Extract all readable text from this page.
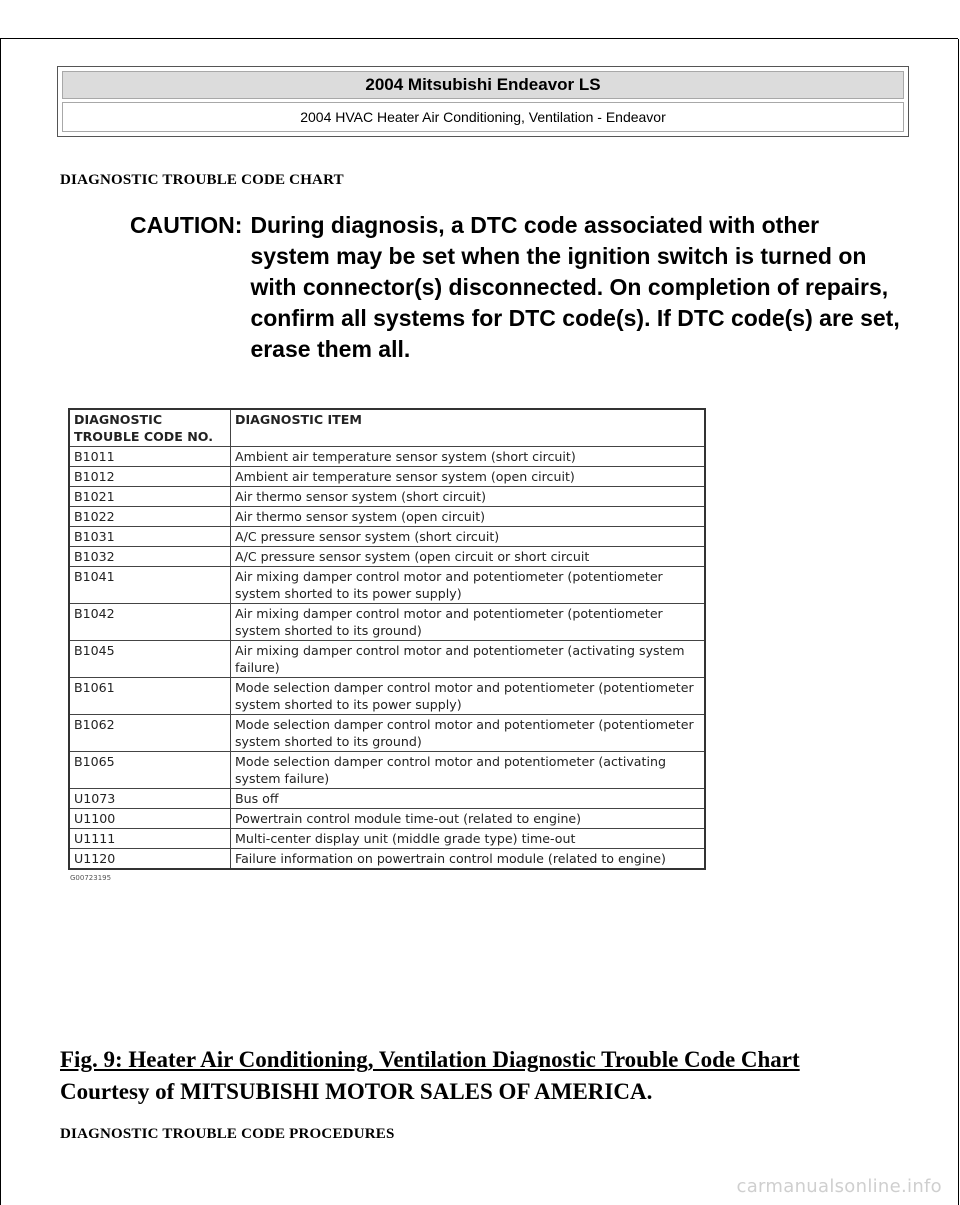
2004 Mitsubishi Endeavor LS
2004 HVAC Heater Air Conditioning, Ventilation - Endeavor
DIAGNOSTIC TROUBLE CODE CHART
CAUTION: During diagnosis, a DTC code associated with other system may be set when the ignition switch is turned on with connector(s) disconnected. On completion of repairs, confirm all systems for DTC code(s). If DTC code(s) are set, erase them all.
DIAGNOSTIC TROUBLE CODE NO.	DIAGNOSTIC ITEM
B1011	Ambient air temperature sensor system (short circuit)
B1012	Ambient air temperature sensor system (open circuit)
B1021	Air thermo sensor system (short circuit)
B1022	Air thermo sensor system (open circuit)
B1031	A/C pressure sensor system (short circuit)
B1032	A/C pressure sensor system (open circuit or short circuit
B1041	Air mixing damper control motor and potentiometer (potentiometer system shorted to its power supply)
B1042	Air mixing damper control motor and potentiometer (potentiometer system shorted to its ground)
B1045	Air mixing damper control motor and potentiometer (activating system failure)
B1061	Mode selection damper control motor and potentiometer (potentiometer system shorted to its power supply)
B1062	Mode selection damper control motor and potentiometer (potentiometer system shorted to its ground)
B1065	Mode selection damper control motor and potentiometer (activating system failure)
U1073	Bus off
U1100	Powertrain control module time-out (related to engine)
U1111	Multi-center display unit (middle grade type) time-out
U1120	Failure information on powertrain control module (related to engine)
G00723195
Fig. 9: Heater Air Conditioning, Ventilation Diagnostic Trouble Code Chart
Courtesy of MITSUBISHI MOTOR SALES OF AMERICA.
DIAGNOSTIC TROUBLE CODE PROCEDURES
carmanualsonline.info
